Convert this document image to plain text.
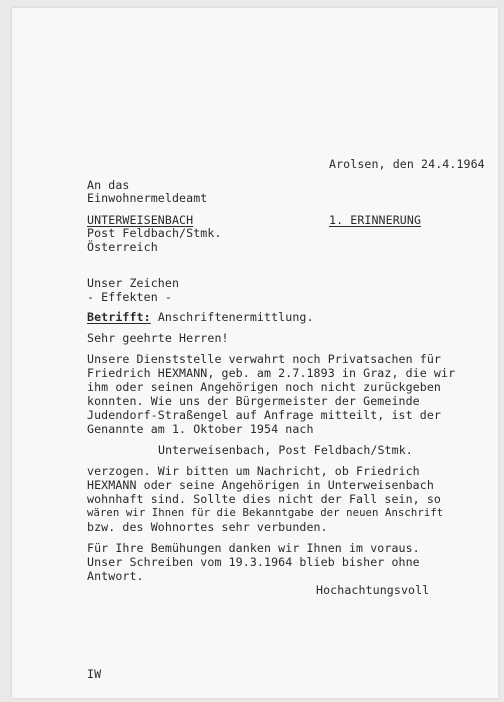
Arolsen, den 24.4.1964
An das
Einwohnermeldeamt
UNTERWEISENBACH	1. ERINNERUNG
Post Feldbach/Stmk.
Österreich
Unser Zeichen
- Effekten -
Betrifft: Anschriftenermittlung.
Sehr geehrte Herren!
Unsere Dienststelle verwahrt noch Privatsachen für
Friedrich HEXMANN, geb. am 2.7.1893 in Graz, die wir
ihm oder seinen Angehörigen noch nicht zurückgeben
konnten. Wie uns der Bürgermeister der Gemeinde
Judendorf-Straßengel auf Anfrage mitteilt, ist der
Genannte am 1. Oktober 1954 nach
Unterweisenbach, Post Feldbach/Stmk.
verzogen. Wir bitten um Nachricht, ob Friedrich
HEXMANN oder seine Angehörigen in Unterweisenbach
wohnhaft sind. Sollte dies nicht der Fall sein, so
wären wir Ihnen für die Bekanntgabe der neuen Anschrift
bzw. des Wohnortes sehr verbunden.
Für Ihre Bemühungen danken wir Ihnen im voraus.
Unser Schreiben vom 19.3.1964 blieb bisher ohne
Antwort.
Hochachtungsvoll
IW
